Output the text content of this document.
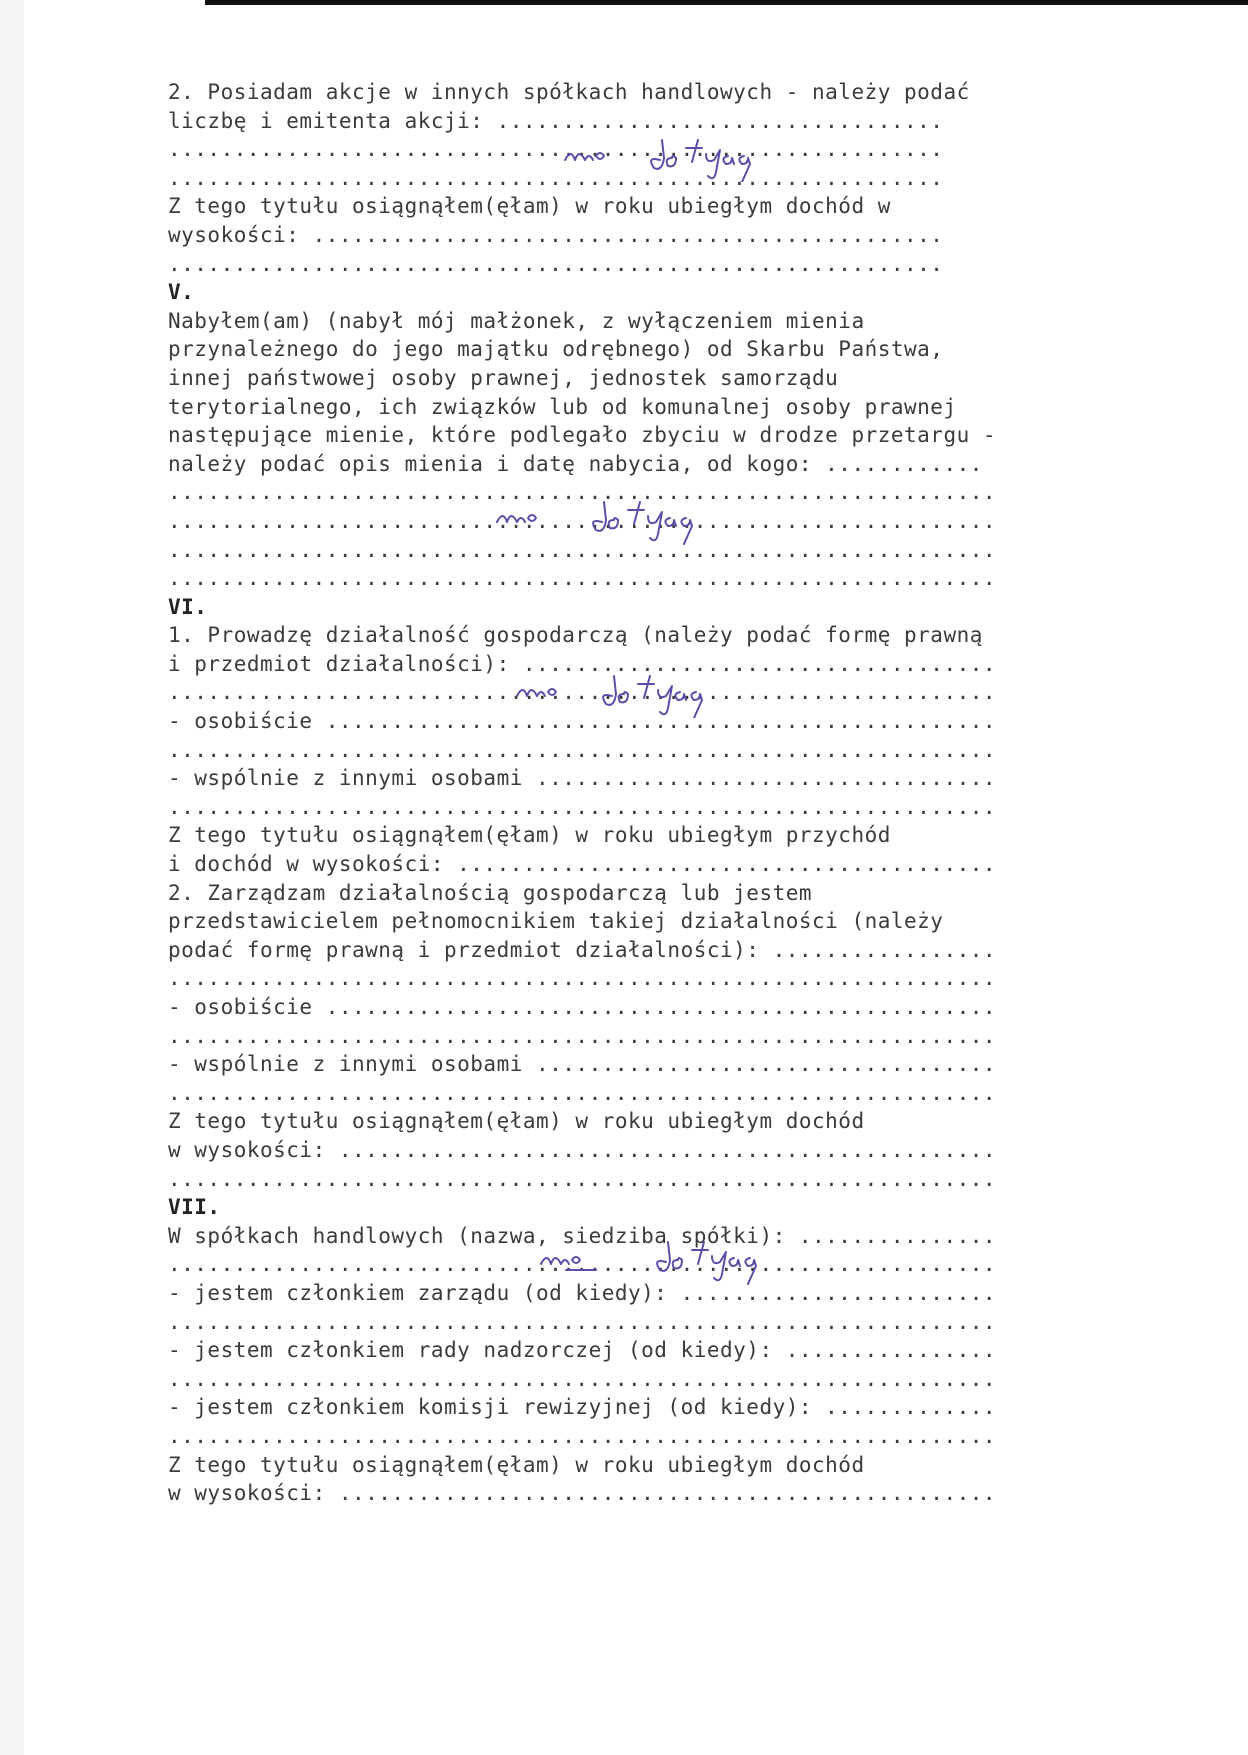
2. Posiadam akcje w innych spółkach handlowych - należy podać
liczbę i emitenta akcji: ..................................
...........................................................
...........................................................
Z tego tytułu osiągnąłem(ęłam) w roku ubiegłym dochód w
wysokości: ................................................
...........................................................
V.
Nabyłem(am) (nabył mój małżonek, z wyłączeniem mienia
przynależnego do jego majątku odrębnego) od Skarbu Państwa,
innej państwowej osoby prawnej, jednostek samorządu
terytorialnego, ich związków lub od komunalnej osoby prawnej
następujące mienie, które podlegało zbyciu w drodze przetargu -
należy podać opis mienia i datę nabycia, od kogo: ............
...............................................................
...............................................................
...............................................................
...............................................................
VI.
1. Prowadzę działalność gospodarczą (należy podać formę prawną
i przedmiot działalności): ....................................
...............................................................
- osobiście ...................................................
...............................................................
- wspólnie z innymi osobami ...................................
...............................................................
Z tego tytułu osiągnąłem(ęłam) w roku ubiegłym przychód
i dochód w wysokości: .........................................
2. Zarządzam działalnością gospodarczą lub jestem
przedstawicielem pełnomocnikiem takiej działalności (należy
podać formę prawną i przedmiot działalności): .................
...............................................................
- osobiście ...................................................
...............................................................
- wspólnie z innymi osobami ...................................
...............................................................
Z tego tytułu osiągnąłem(ęłam) w roku ubiegłym dochód
w wysokości: ..................................................
...............................................................
VII.
W spółkach handlowych (nazwa, siedziba spółki): ...............
...............................................................
- jestem członkiem zarządu (od kiedy): ........................
...............................................................
- jestem członkiem rady nadzorczej (od kiedy): ................
...............................................................
- jestem członkiem komisji rewizyjnej (od kiedy): .............
...............................................................
Z tego tytułu osiągnąłem(ęłam) w roku ubiegłym dochód
w wysokości: ..................................................
